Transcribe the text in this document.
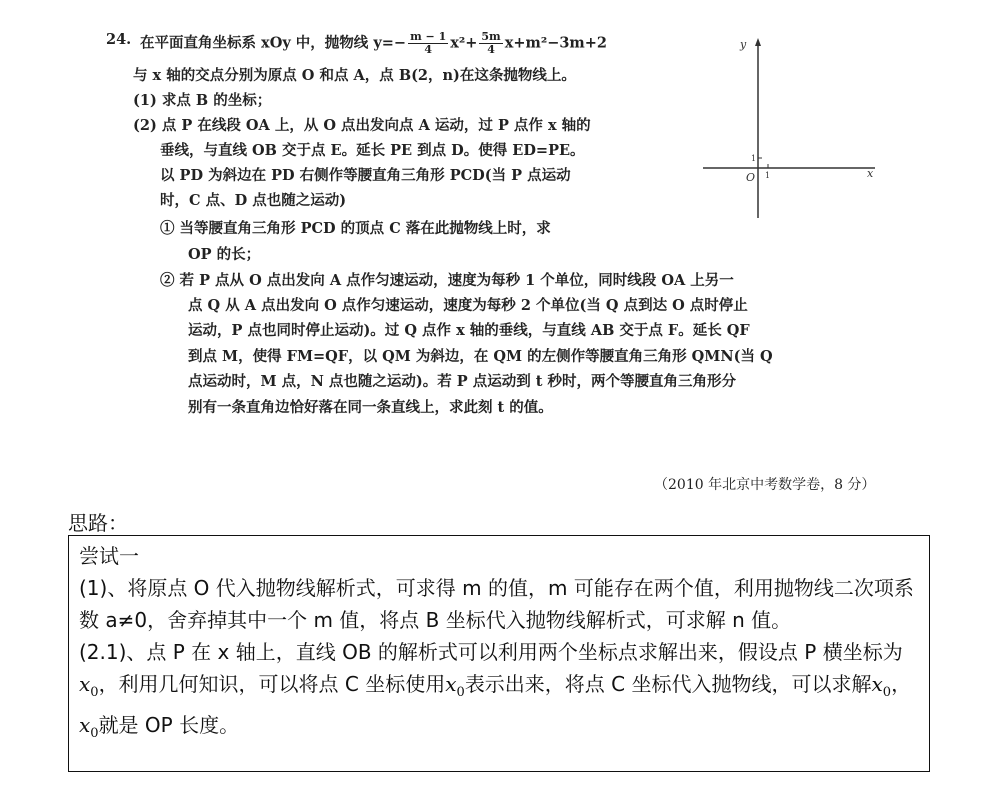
24. 在平面直角坐标系 xOy 中，抛物线 $y=- \frac{m - 1}{4} x^2+ \frac{5m}{4} x+m^2-3m+2$
与 x 轴的交点分别为原点 O 和点 A，点 B(2，n)在这条抛物线上。
(1) 求点 B 的坐标；
(2) 点 P 在线段 OA 上，从 O 点出发向点 A 运动，过 P 点作 x 轴的
垂线，与直线 OB 交于点 E。延长 PE 到点 D。使得 ED=PE。
以 PD 为斜边在 PD 右侧作等腰直角三角形 PCD(当 P 点运动
时，C 点、D 点也随之运动)
① 当等腰直角三角形 PCD 的顶点 C 落在此抛物线上时，求
OP 的长；
② 若 P 点从 O 点出发向 A 点作匀速运动，速度为每秒 1 个单位，同时线段 OA 上另一
点 Q 从 A 点出发向 O 点作匀速运动，速度为每秒 2 个单位(当 Q 点到达 O 点时停止
运动，P 点也同时停止运动)。过 Q 点作 x 轴的垂线，与直线 AB 交于点 F。延长 QF
到点 M，使得 FM=QF，以 QM 为斜边，在 QM 的左侧作等腰直角三角形 QMN(当 Q
点运动时，M 点，N 点也随之运动)。若 P 点运动到 t 秒时，两个等腰直角三角形分
别有一条直角边恰好落在同一条直线上，求此刻 t 的值。
y
x
O 1
1
（2010 年北京中考数学卷，8 分）
思路：

尝试一

(1)、将原点 O 代入抛物线解析式，可求得 m 的值，m 可能存在两个值，利用抛物线二次项系数 a≠0，舍弃掉其中一个 m 值，将点 B 坐标代入抛物线解析式，可求解 n 值。

(2.1)、点 P 在 x 轴上，直线 OB 的解析式可以利用两个坐标点求解出来，假设点 P 横坐标为$x_0$，利用几何知识，可以将点 C 坐标使用$x_0$表示出来，将点 C 坐标代入抛物线，可以求解$x_0$，$x_0$就是 OP 长度。
